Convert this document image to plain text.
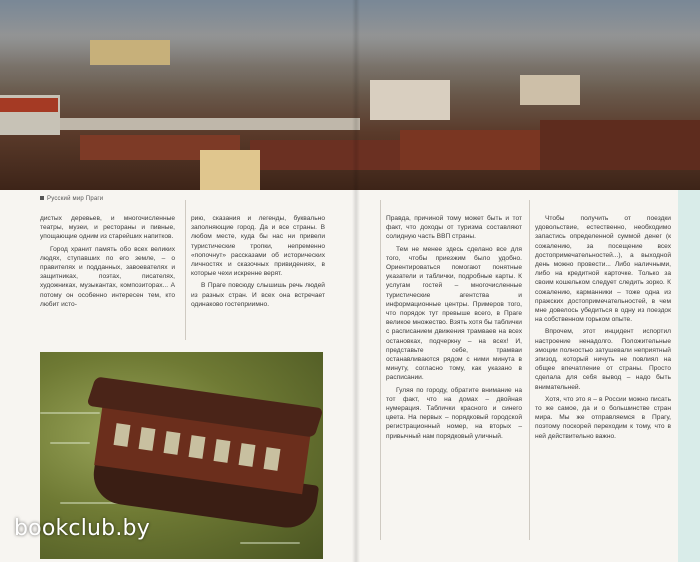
Русский мир Праги

дистых деревьев, и многочисленные театры, музеи, и рестораны и пивные, упощающие одним из старейших напитков.

Город хранит память обо всех великих людях, ступавших по его земле, – о правителях и подданных, завоевателях и защитниках, поэтах, писателях, художниках, музыкантах, композиторах... А потому он особенно интересен тем, кто любит исто-

рию, сказания и легенды, буквально заполняющие город. Да и все страны. В любом месте, куда бы нас ни привели туристические тропки, непременно «попочнут» рассказами об исторических личностях и сказочных привидениях, в которые чехи искренне верят.

В Праге повсюду слышишь речь людей из разных стран. И всех она встречает одинаково гостеприимно.

Правда, причиной тому может быть и тот факт, что доходы от туризма составляют солидную часть ВВП страны.

Тем не менее здесь сделано все для того, чтобы приезжим было удобно. Ориентироваться помогают понятные указатели и таблички, подробные карты. К услугам гостей – многочисленные туристические агентства и информационные центры. Примеров того, что порядок тут превыше всего, в Праге великое множество. Взять хотя бы таблички с расписанием движения трамваев на всех остановках, подчеркну – на всех! И, представьте себе, трамваи останавливаются рядом с ними минута в минуту, согласно тому, как указано в расписании.

Гуляя по городу, обратите внимание на тот факт, что на домах – двойная нумерация. Таблички красного и синего цвета. На первых – порядковый городской регистрационный номер, на вторых – привычный нам порядковый уличный.

Чтобы получить от поездки удовольствие, естественно, необходимо запастись определенной суммой денег (к сожалению, за посещение всех достопримечательностей...), а выходной день можно провести... Либо наличными, либо на кредитной карточке. Только за своим кошельком следует следить зорко. К сожалению, карманники – тоже одна из пражских достопримечательностей, в чем мне довелось убедиться в одну из поездок на собственном горьком опыте.

Впрочем, этот инцидент испортил настроение ненадолго. Положительные эмоции полностью затушевали неприятный эпизод, который ничуть не повлиял на общее впечатление от страны. Просто сделала для себя вывод – надо быть внимательней.

Хотя, что это я – в России можно писать то же самое, да и о большинстве стран мира. Мы же отправляемся в Прагу, поэтому поскорей переходим к тому, что в ней действительно важно.

bookclub.by
